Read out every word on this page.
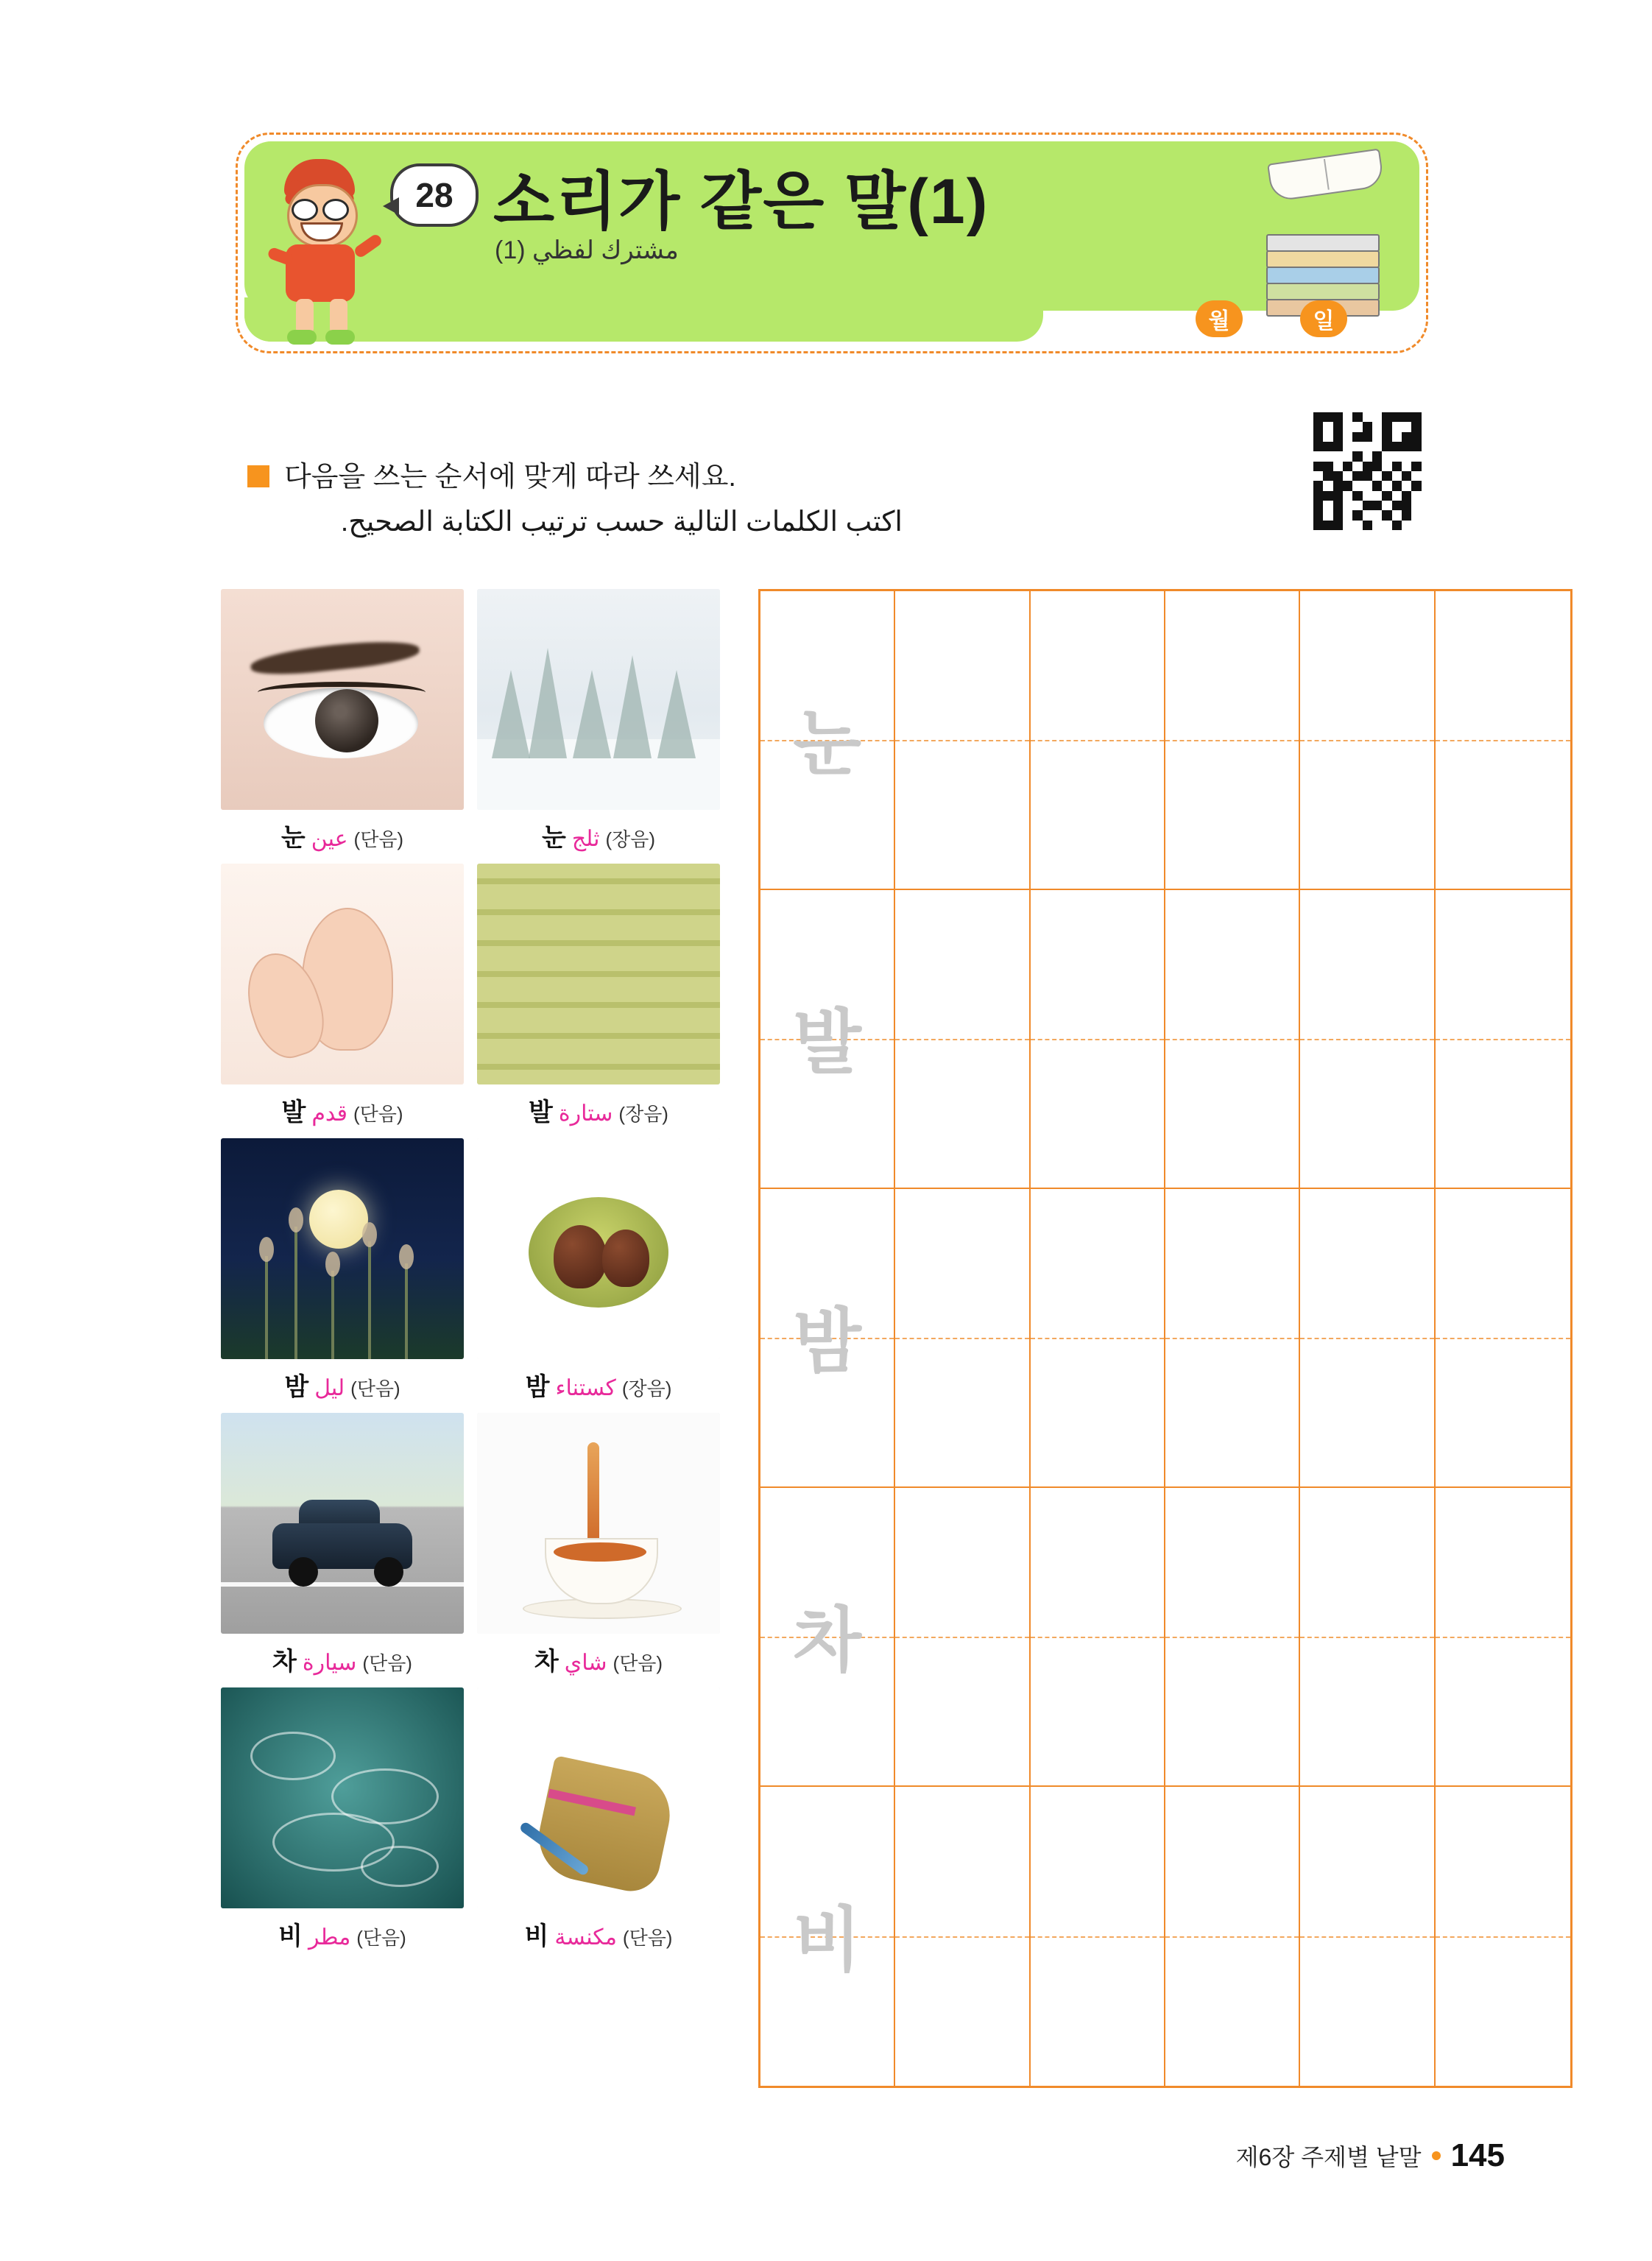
28 소리가 같은 말(1)
مشترك لفظي (1)
월	일
다음을 쓰는 순서에 맞게 따라 쓰세요.
اكتب الكلمات التالية حسب ترتيب الكتابة الصحيح.
눈 عين (단음)	눈 ثلج (장음)
발 قدم (단음)	발 ستارة (장음)
밤 ليل (단음)	밤 كستناء (장음)
차 سيارة (단음)	차 شاي (단음)
비 مطر (단음)	비 مكنسة (단음)
눈
발
밤
차
비
제6장 주제별 낱말 145
